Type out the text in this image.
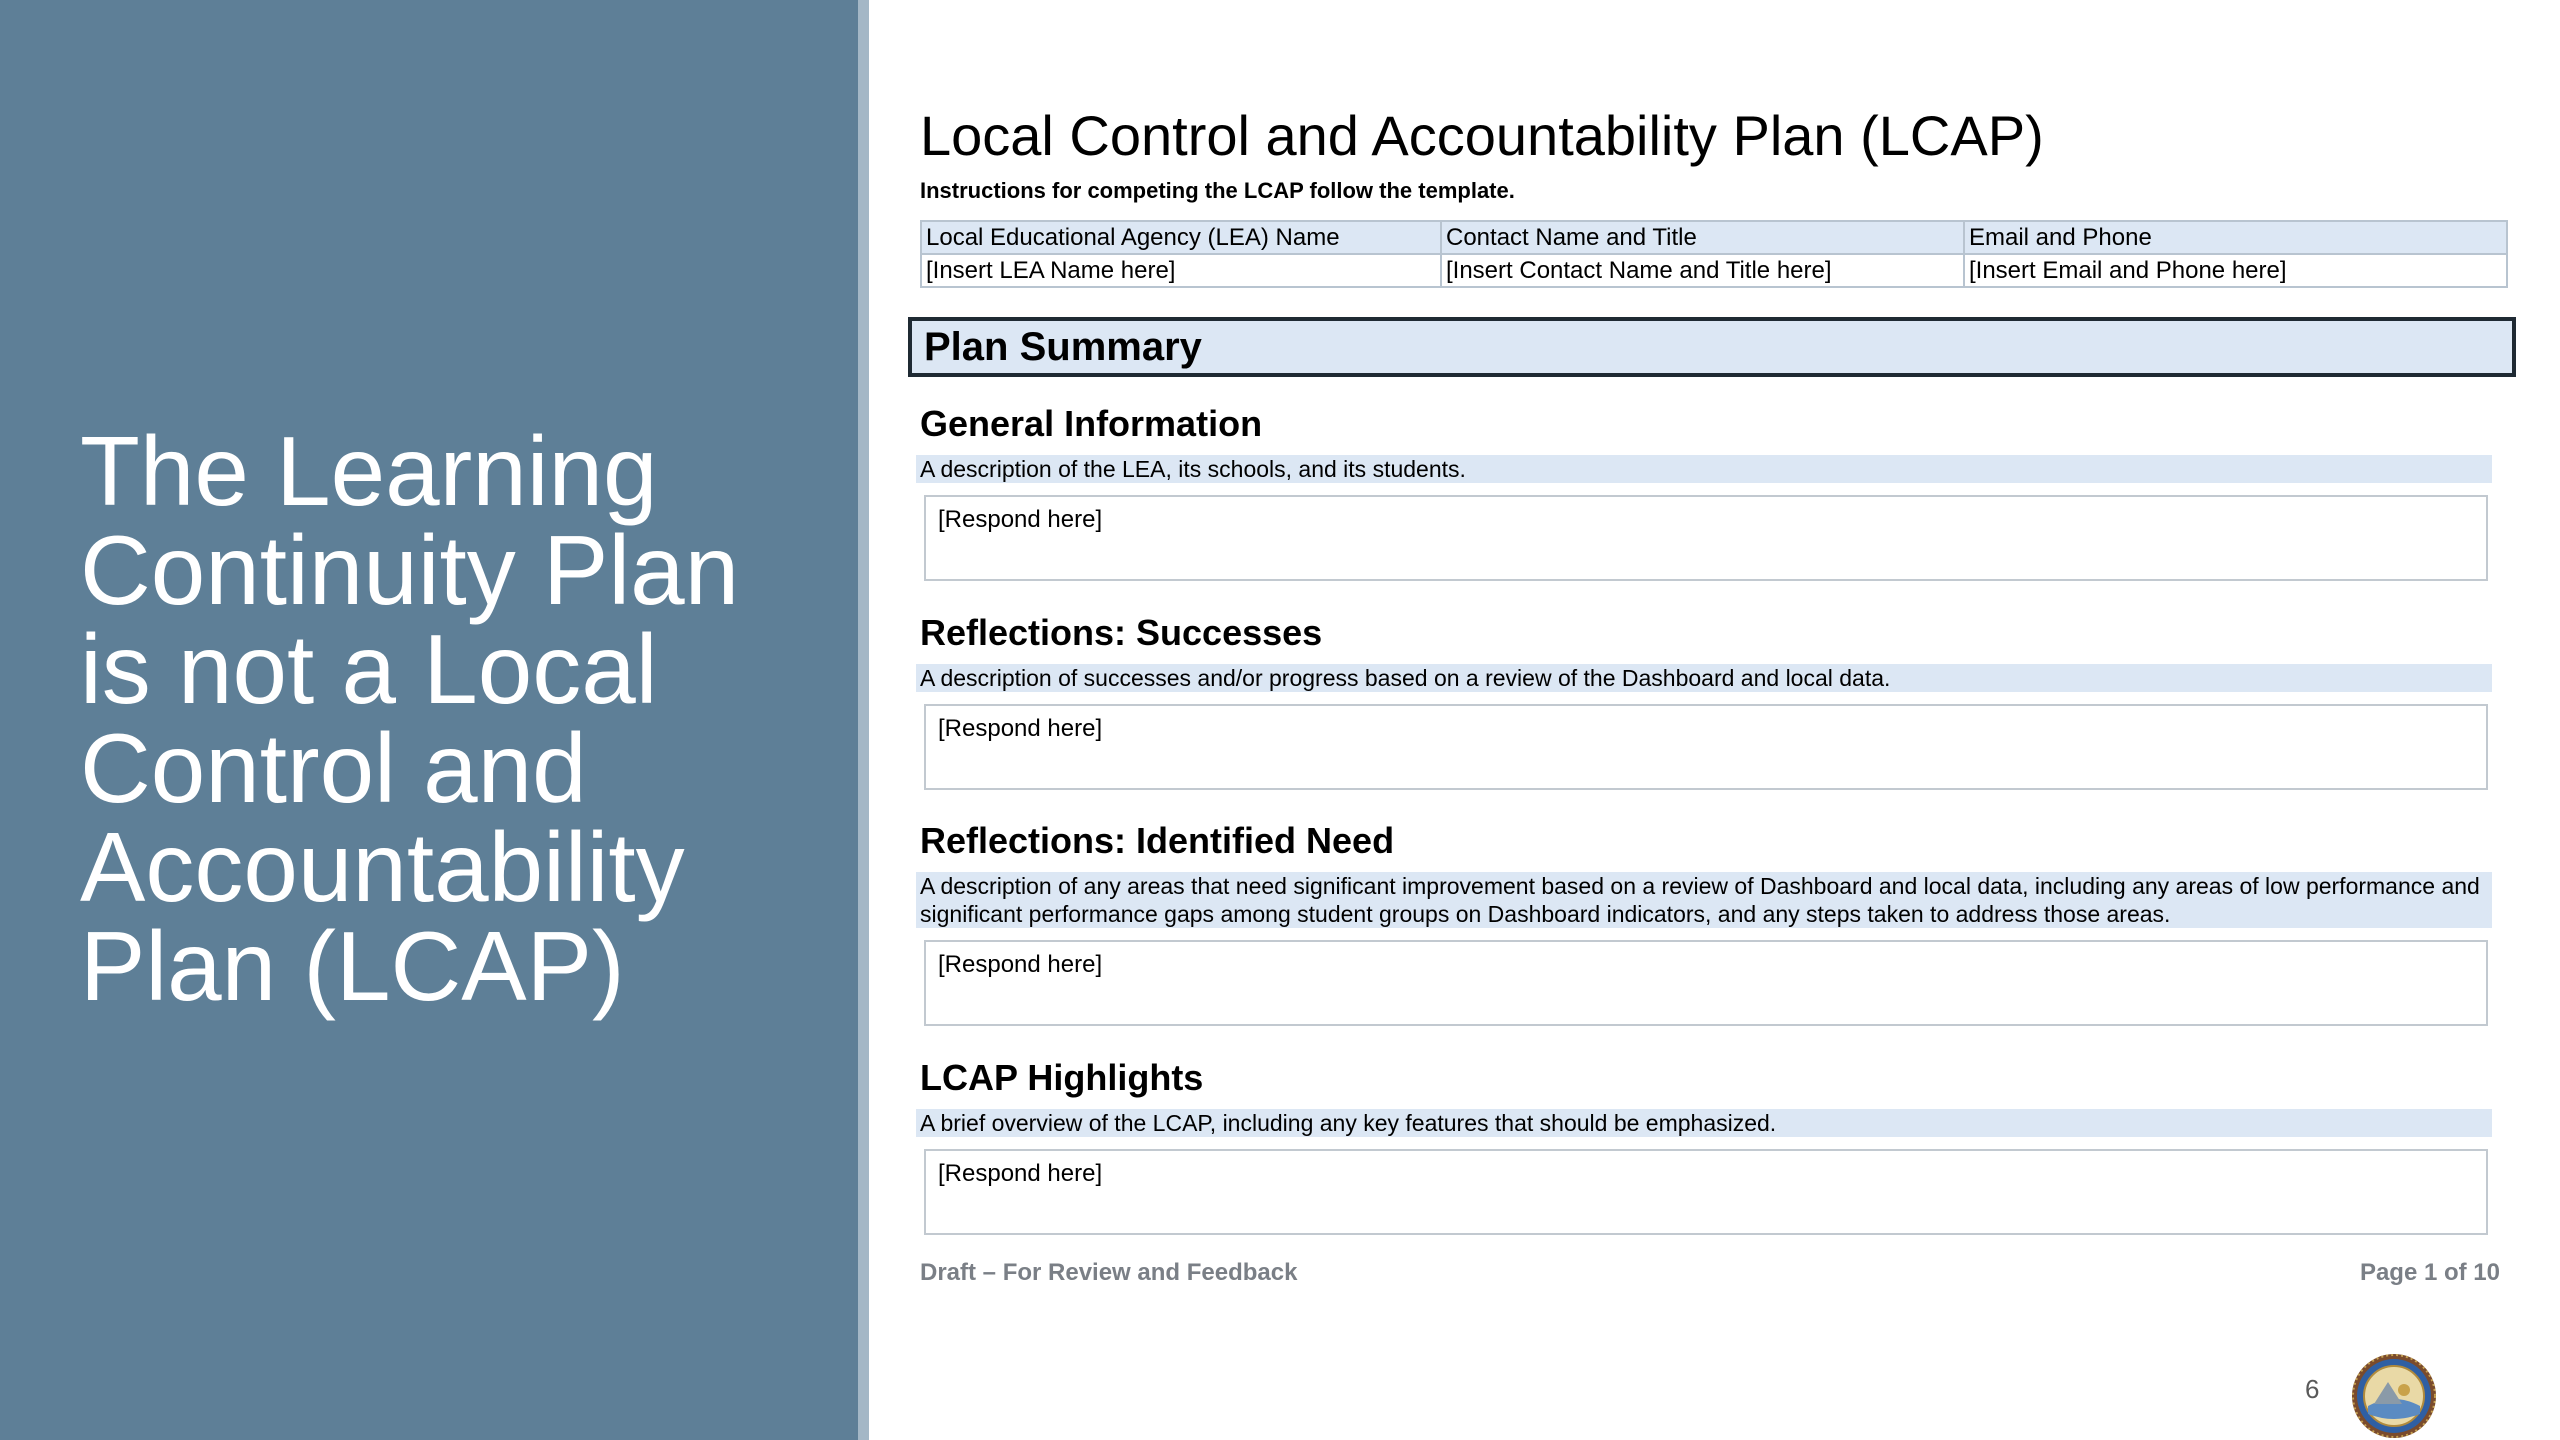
The Learning Continuity Plan is not a Local Control and Accountability Plan (LCAP)
Local Control and Accountability Plan (LCAP)
Instructions for competing the LCAP follow the template.
Local Educational Agency (LEA) Name	Contact Name and Title	Email and Phone
[Insert LEA Name here]	[Insert Contact Name and Title here]	[Insert Email and Phone here]
Plan Summary
General Information
A description of the LEA, its schools, and its students.
[Respond here]
Reflections: Successes
A description of successes and/or progress based on a review of the Dashboard and local data.
[Respond here]
Reflections: Identified Need
A description of any areas that need significant improvement based on a review of Dashboard and local data, including any areas of low performance and significant performance gaps among student groups on Dashboard indicators, and any steps taken to address those areas.
[Respond here]
LCAP Highlights
A brief overview of the LCAP, including any key features that should be emphasized.
[Respond here]
Draft – For Review and Feedback	Page 1 of 10
6
